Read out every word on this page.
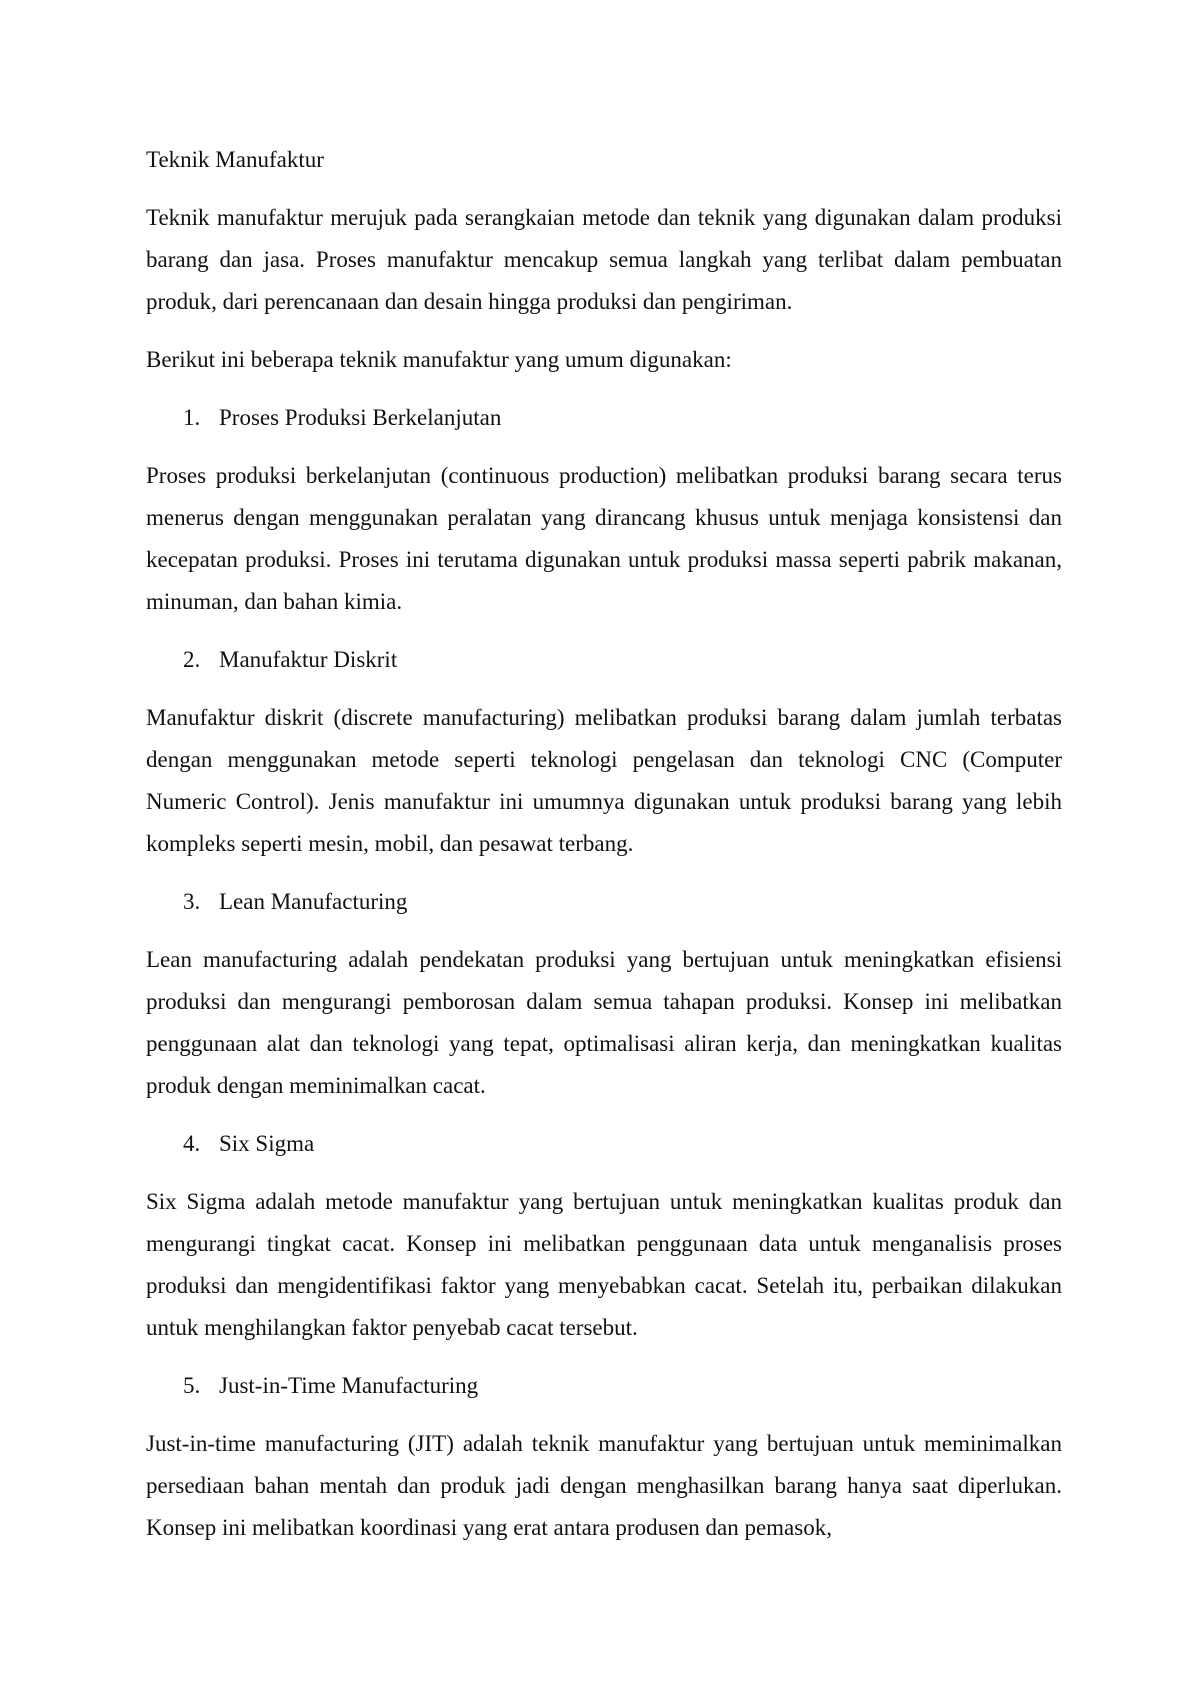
Teknik Manufaktur

Teknik manufaktur merujuk pada serangkaian metode dan teknik yang digunakan dalam produksi barang dan jasa. Proses manufaktur mencakup semua langkah yang terlibat dalam pembuatan produk, dari perencanaan dan desain hingga produksi dan pengiriman.

Berikut ini beberapa teknik manufaktur yang umum digunakan:

1. Proses Produksi Berkelanjutan

Proses produksi berkelanjutan (continuous production) melibatkan produksi barang secara terus menerus dengan menggunakan peralatan yang dirancang khusus untuk menjaga konsistensi dan kecepatan produksi. Proses ini terutama digunakan untuk produksi massa seperti pabrik makanan, minuman, dan bahan kimia.

2. Manufaktur Diskrit

Manufaktur diskrit (discrete manufacturing) melibatkan produksi barang dalam jumlah terbatas dengan menggunakan metode seperti teknologi pengelasan dan teknologi CNC (Computer Numeric Control). Jenis manufaktur ini umumnya digunakan untuk produksi barang yang lebih kompleks seperti mesin, mobil, dan pesawat terbang.

3. Lean Manufacturing

Lean manufacturing adalah pendekatan produksi yang bertujuan untuk meningkatkan efisiensi produksi dan mengurangi pemborosan dalam semua tahapan produksi. Konsep ini melibatkan penggunaan alat dan teknologi yang tepat, optimalisasi aliran kerja, dan meningkatkan kualitas produk dengan meminimalkan cacat.

4. Six Sigma

Six Sigma adalah metode manufaktur yang bertujuan untuk meningkatkan kualitas produk dan mengurangi tingkat cacat. Konsep ini melibatkan penggunaan data untuk menganalisis proses produksi dan mengidentifikasi faktor yang menyebabkan cacat. Setelah itu, perbaikan dilakukan untuk menghilangkan faktor penyebab cacat tersebut.

5. Just-in-Time Manufacturing

Just-in-time manufacturing (JIT) adalah teknik manufaktur yang bertujuan untuk meminimalkan persediaan bahan mentah dan produk jadi dengan menghasilkan barang hanya saat diperlukan. Konsep ini melibatkan koordinasi yang erat antara produsen dan pemasok,
